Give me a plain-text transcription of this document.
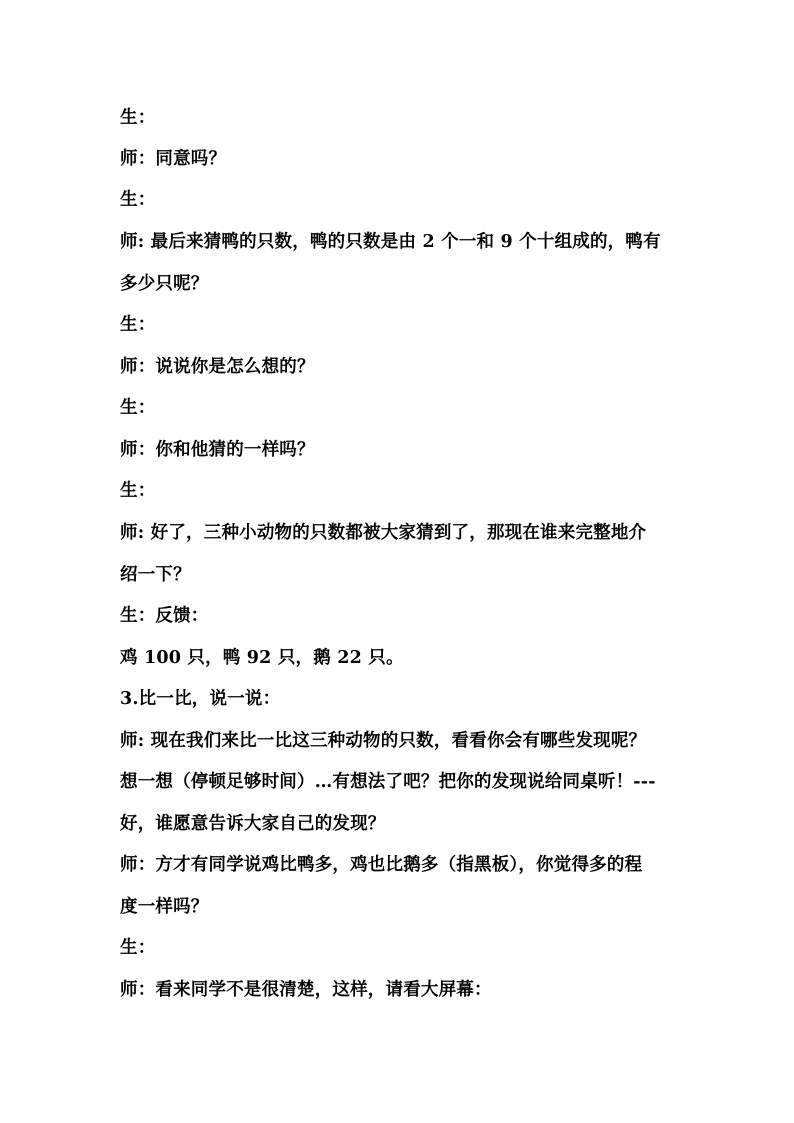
生：
师：同意吗？
生：
师: 最后来猜鸭的只数，鸭的只数是由 2 个一和 9 个十组成的，鸭有
多少只呢？
生：
师：说说你是怎么想的？
生：
师：你和他猜的一样吗？
生：
师: 好了，三种小动物的只数都被大家猜到了，那现在谁来完整地介
绍一下？
生：反馈：
鸡 100 只，鸭 92 只，鹅 22 只。
3.比一比，说一说：
师: 现在我们来比一比这三种动物的只数，看看你会有哪些发现呢？
想一想（停顿足够时间）…有想法了吧？把你的发现说给同桌听！---
好，谁愿意告诉大家自己的发现？
师：方才有同学说鸡比鸭多，鸡也比鹅多（指黑板），你觉得多的程
度一样吗？
生：
师：看来同学不是很清楚，这样，请看大屏幕：
